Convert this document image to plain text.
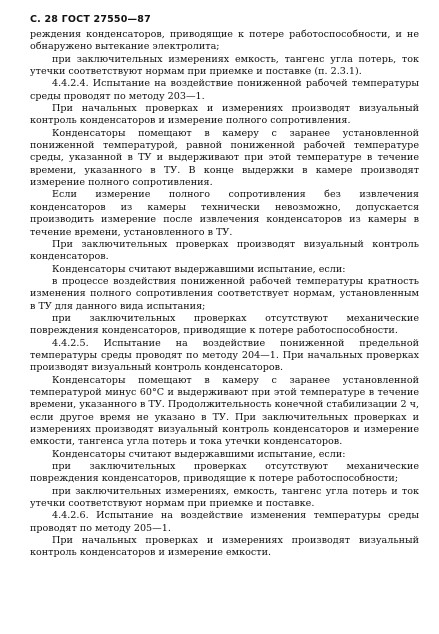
С. 28 ГОСТ 27550—87

реждения конденсаторов, приводящие к потере работоспособности, и не обнаружено вытекание электролита;

при заключительных измерениях емкость, тангенс угла потерь, ток утечки соответствуют нормам при приемке и поставке (п. 2.3.1).

4.4.2.4. Испытание на воздействие пониженной рабочей температуры среды проводят по методу 203—1.

При начальных проверках и измерениях производят визуальный контроль конденсаторов и измерение полного сопротивления.

Конденсаторы помещают в камеру с заранее установленной пониженной температурой, равной пониженной рабочей температуре среды, указанной в ТУ и выдерживают при этой температуре в течение времени, указанного в ТУ. В конце выдержки в камере производят измерение полного сопротивления.

Если измерение полного сопротивления без извлечения конденсаторов из камеры технически невозможно, допускается производить измерение после извлечения конденсаторов из камеры в течение времени, установленного в ТУ.

При заключительных проверках производят визуальный контроль конденсаторов.

Конденсаторы считают выдержавшими испытание, если:

в процессе воздействия пониженной рабочей температуры кратность изменения полного сопротивления соответствует нормам, установленным в ТУ для данного вида испытания;

при заключительных проверках отсутствуют механические повреждения конденсаторов, приводящие к потере работоспособности.

4.4.2.5. Испытание на воздействие пониженной предельной температуры среды проводят по методу 204—1. При начальных проверках производят визуальный контроль конденсаторов.

Конденсаторы помещают в камеру с заранее установленной температурой минус 60°С и выдерживают при этой температуре в течение времени, указанного в ТУ. Продолжительность конечной стабилизации 2 ч, если другое время не указано в ТУ. При заключительных проверках и измерениях производят визуальный контроль конденсаторов и измерение емкости, тангенса угла потерь и тока утечки конденсаторов.

Конденсаторы считают выдержавшими испытание, если:

при заключительных проверках отсутствуют механические повреждения конденсаторов, приводящие к потере работоспособности;

при заключительных измерениях, емкость, тангенс угла потерь и ток утечки соответствуют нормам при приемке и поставке.

4.4.2.6. Испытание на воздействие изменения температуры среды проводят по методу 205—1.

При начальных проверках и измерениях производят визуальный контроль конденсаторов и измерение емкости.
